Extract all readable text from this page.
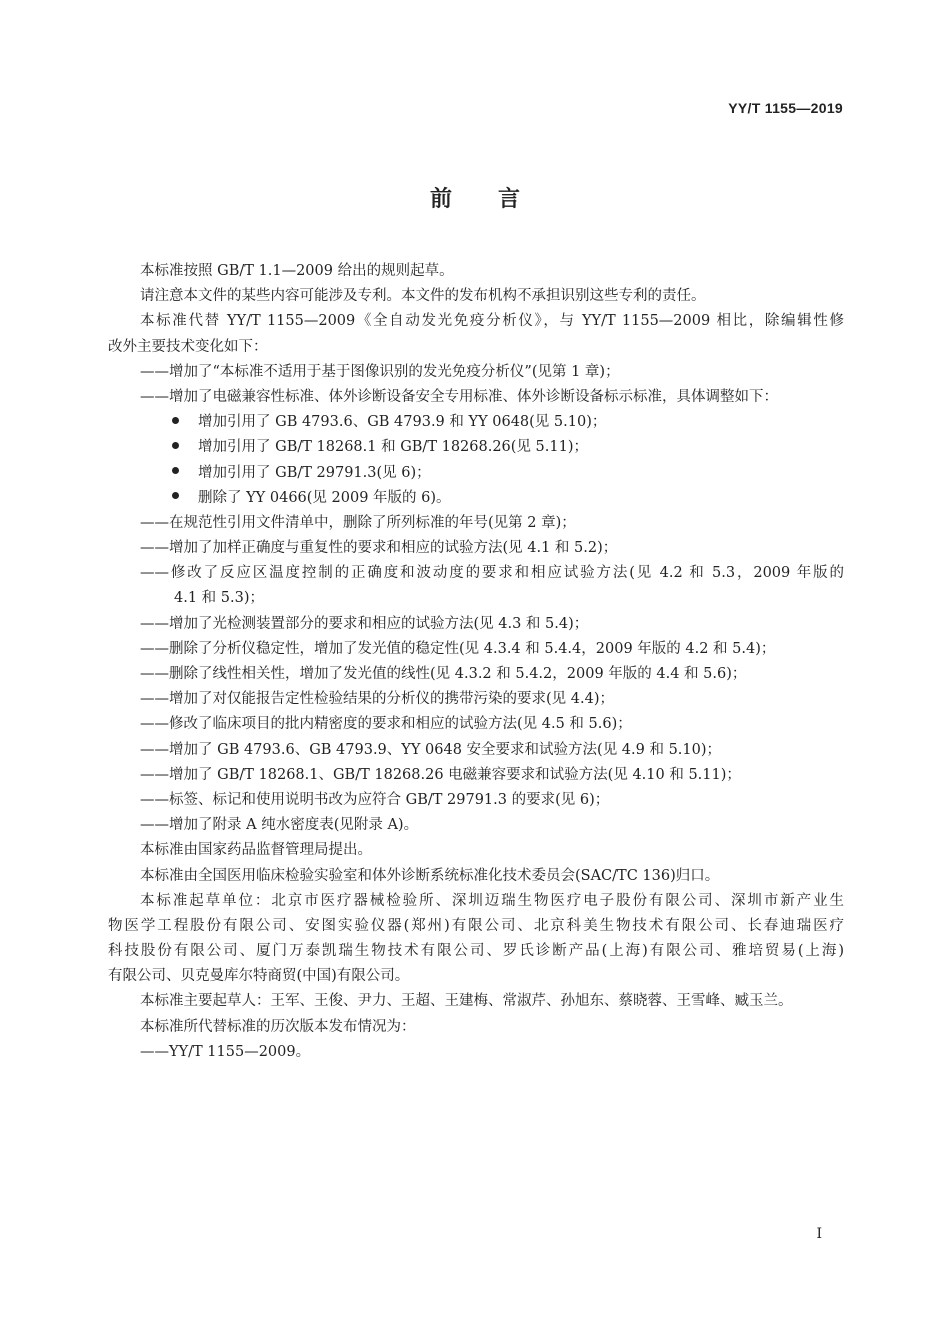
YY/T 1155—2019
前言
本标准按照 GB/T 1.1—2009 给出的规则起草。
请注意本文件的某些内容可能涉及专利。本文件的发布机构不承担识别这些专利的责任。
本标准代替 YY/T 1155—2009《全自动发光免疫分析仪》，与 YY/T 1155—2009 相比，除编辑性修
改外主要技术变化如下：
——增加了“本标准不适用于基于图像识别的发光免疫分析仪”(见第 1 章)；
——增加了电磁兼容性标准、体外诊断设备安全专用标准、体外诊断设备标示标准，具体调整如下：
增加引用了 GB 4793.6、GB 4793.9 和 YY 0648(见 5.10)；
增加引用了 GB/T 18268.1 和 GB/T 18268.26(见 5.11)；
增加引用了 GB/T 29791.3(见 6)；
删除了 YY 0466(见 2009 年版的 6)。
——在规范性引用文件清单中，删除了所列标准的年号(见第 2 章)；
——增加了加样正确度与重复性的要求和相应的试验方法(见 4.1 和 5.2)；
——修改了反应区温度控制的正确度和波动度的要求和相应试验方法(见 4.2 和 5.3，2009 年版的
4.1 和 5.3)；
——增加了光检测装置部分的要求和相应的试验方法(见 4.3 和 5.4)；
——删除了分析仪稳定性，增加了发光值的稳定性(见 4.3.4 和 5.4.4，2009 年版的 4.2 和 5.4)；
——删除了线性相关性，增加了发光值的线性(见 4.3.2 和 5.4.2，2009 年版的 4.4 和 5.6)；
——增加了对仅能报告定性检验结果的分析仪的携带污染的要求(见 4.4)；
——修改了临床项目的批内精密度的要求和相应的试验方法(见 4.5 和 5.6)；
——增加了 GB 4793.6、GB 4793.9、YY 0648 安全要求和试验方法(见 4.9 和 5.10)；
——增加了 GB/T 18268.1、GB/T 18268.26 电磁兼容要求和试验方法(见 4.10 和 5.11)；
——标签、标记和使用说明书改为应符合 GB/T 29791.3 的要求(见 6)；
——增加了附录 A 纯水密度表(见附录 A)。
本标准由国家药品监督管理局提出。
本标准由全国医用临床检验实验室和体外诊断系统标准化技术委员会(SAC/TC 136)归口。
本标准起草单位：北京市医疗器械检验所、深圳迈瑞生物医疗电子股份有限公司、深圳市新产业生
物医学工程股份有限公司、安图实验仪器(郑州)有限公司、北京科美生物技术有限公司、长春迪瑞医疗
科技股份有限公司、厦门万泰凯瑞生物技术有限公司、罗氏诊断产品(上海)有限公司、雅培贸易(上海)
有限公司、贝克曼库尔特商贸(中国)有限公司。
本标准主要起草人：王军、王俊、尹力、王超、王建梅、常淑芹、孙旭东、蔡晓蓉、王雪峰、臧玉兰。
本标准所代替标准的历次版本发布情况为：
——YY/T 1155—2009。
I
